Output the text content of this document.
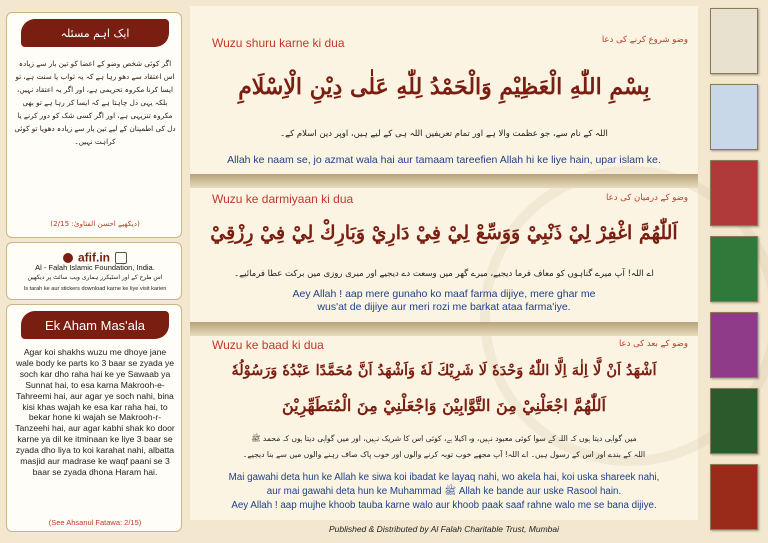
ایک اہم مسئلہ
اگر کوئی شخص وضو کے اعضا کو تین بار سے زیادہ اس اعتقاد سے دھو رہا ہے کہ یہ ثواب یا سنت ہے، تو ایسا کرنا مکروہ تحریمی ہے، اور اگر یہ اعتقاد نہیں، بلکہ یہی دل چاہتا ہے کہ ایسا کر رہا ہے تو بھی مکروہ تنزیہی ہے، اور اگر کسی شک کو دور کرنے یا دل کی اطمینان کے لیے تین بار سے زیادہ دھویا تو کوئی کراہت نہیں۔
(دیکھیے احسن الفتاویٰ: 2/15)
afif.in
Al - Falah Islamic Foundation, India.
اس طرح کے اور اسٹیکرز ہماری ویب سائٹ پر دیکھیں
Is tarah ke aur stickers download karne ke liye visit karien
Ek Aham Mas'ala
Agar koi shakhs wuzu me dhoye jane wale body ke parts ko 3 baar se zyada ye soch kar dho raha hai ke ye Sawaab ya Sunnat hai, to esa karna Makrooh-e-Tahreemi hai, aur agar ye soch nahi, bina kisi khas wajah ke esa kar raha hai, to bekar hone ki wajah se Makrooh-r-Tanzeehi hai, aur agar kabhi shak ko door karne ya dil ke itminaan ke liye 3 baar se zyada dho liya to koi karahat nahi, albatta masjid aur madrase ke waqf paani se 3 baar se zyada dhona Haram hai.
(See Ahsanul Fatawa: 2/15)
Wuzu shuru karne ki dua	وضو شروع کرنے کی دعا
بِسْمِ اللّٰهِ الْعَظِيْمِ وَالْحَمْدُ لِلّٰهِ عَلٰى دِيْنِ الْاِسْلَامِ
اللہ کے نام سے، جو عظمت والا ہے اور تمام تعریفیں اللہ ہی کے لیے ہیں، اوپر دین اسلام کے۔
Allah ke naam se, jo azmat wala hai aur tamaam tareefien Allah hi ke liye hain, upar islam ke.
Wuzu ke darmiyaan ki dua	وضو کے درمیان کی دعا
اَللّٰهُمَّ اغْفِرْ لِيْ ذَنْبِيْ وَوَسِّعْ لِيْ فِيْ دَارِيْ وَبَارِكْ لِيْ فِيْ رِزْقِيْ
اے اللہ! آپ میرے گناہوں کو معاف فرما دیجیے، میرے گھر میں وسعت دے دیجیے اور میری روزی میں برکت عطا فرمائیے۔
Aey Allah ! aap mere gunaho ko maaf farma dijiye, mere ghar me
wus'at de dijiye aur meri rozi me barkat ataa farma'iye.
Wuzu ke baad ki dua	وضو کے بعد کی دعا
اَشْهَدُ اَنْ لَّا اِلٰهَ اِلَّا اللّٰهُ وَحْدَهٗ لَا شَرِيْكَ لَهٗ وَاَشْهَدُ اَنَّ مُحَمَّدًا عَبْدُهٗ وَرَسُوْلُهٗ
اَللّٰهُمَّ اجْعَلْنِيْ مِنَ التَّوَّابِيْنَ وَاجْعَلْنِيْ مِنَ الْمُتَطَهِّرِيْنَ
میں گواہی دیتا ہوں کہ اللہ کے سوا کوئی معبود نہیں، وہ اکیلا ہے، کوئی اس کا شریک نہیں، اور میں گواہی دیتا ہوں کہ محمد ﷺ
اللہ کے بندے اور اس کے رسول ہیں۔ اے اللہ! آپ مجھے خوب توبہ کرنے والوں اور خوب پاک صاف رہنے والوں میں سے بنا دیجیے۔
Mai gawahi deta hun ke Allah ke siwa koi ibadat ke layaq nahi, wo akela hai, koi uska shareek nahi,
aur mai gawahi deta hun ke Muhammad ﷺ Allah ke bande aur uske Rasool hain.
Aey Allah ! aap mujhe khoob tauba karne walo aur khoob paak saaf rahne walo me se bana dijiye.
Published & Distributed by Al Falah Charitable Trust, Mumbai
